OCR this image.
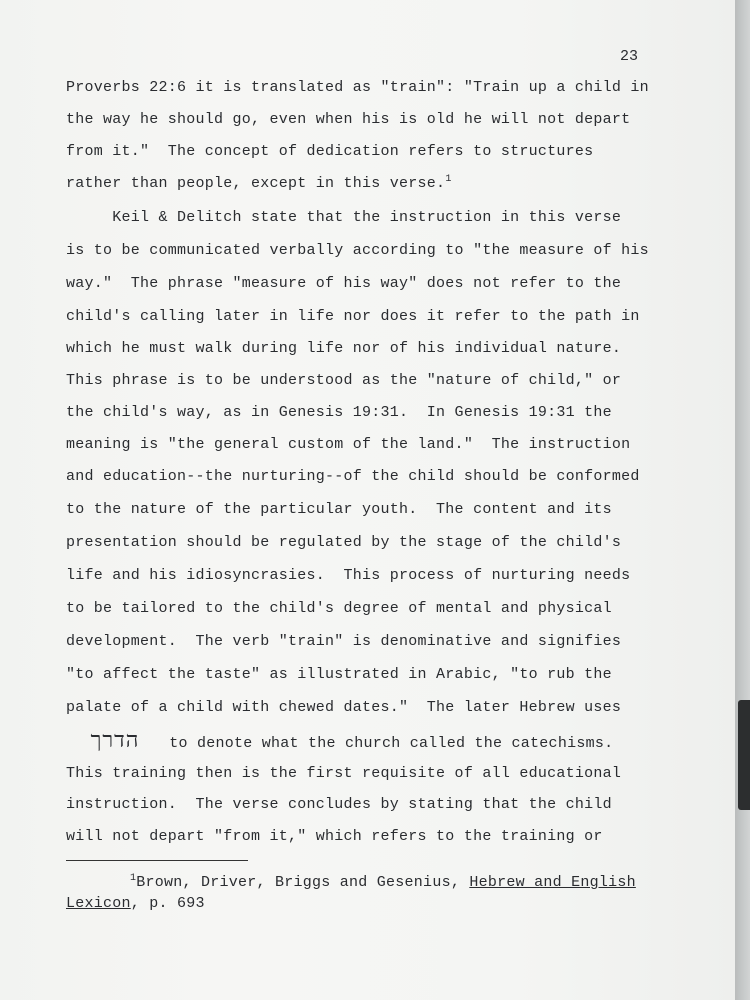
23
Proverbs 22:6 it is translated as "train": "Train up a child in
the way he should go, even when his is old he will not depart
from it."  The concept of dedication refers to structures
rather than people, except in this verse.$^1$
Keil & Delitch state that the instruction in this verse
is to be communicated verbally according to "the measure of his
way."  The phrase "measure of his way" does not refer to the
child's calling later in life nor does it refer to the path in
which he must walk during life nor of his individual nature.
This phrase is to be understood as the "nature of child," or
the child's way, as in Genesis 19:31.  In Genesis 19:31 the
meaning is "the general custom of the land."  The instruction
and education--the nurturing--of the child should be conformed
to the nature of the particular youth.  The content and its
presentation should be regulated by the stage of the child's
life and his idiosyncrasies.  This process of nurturing needs
to be tailored to the child's degree of mental and physical
development.  The verb "train" is denominative and signifies
"to affect the taste" as illustrated in Arabic, "to rub the
palate of a child with chewed dates."  The later Hebrew uses
הדרך to denote what the church called the catechisms.
This training then is the first requisite of all educational
instruction.  The verse concludes by stating that the child
will not depart "from it," which refers to the training or
$^1$Brown, Driver, Briggs and Gesenius, Hebrew and English
Lexicon, p. 693
